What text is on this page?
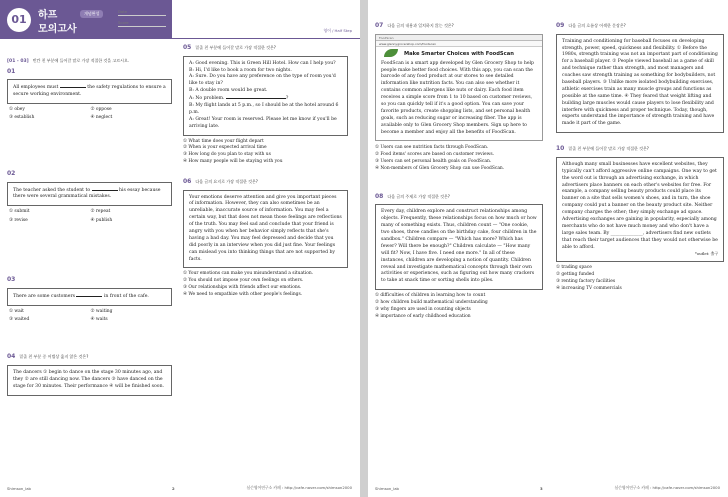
01	하프
모의고사
개념완성	Date
Score
영어 / Half Step
[01 - 03] 빈칸 친 부분에 들어갈 말로 가장 적절한 것을 고르시오.
01
All employees must	the safety regulations to ensure a secure working environment.
① obey	② oppose
③ establish	④ neglect
02
The teacher asked the student to	his essay because there were several grammatical mistakes.
① submit	② repeat
③ revise	④ publish
03
There are some customers	in front of the cafe.
① wait	② waiting
③ waited	④ waits
04 밑줄 친 부분 중 어법상 옳지 않은 것은?
The dancers ① begin to dance on the stage 30 minutes ago, and they ② are still dancing now. The dancers ③ have danced on the stage for 30 minutes. Their performance ④ will be finished soon.
05 밑줄 친 부분에 들어갈 말로 가장 적절한 것은?
A: Good evening. This is Green Hill Hotel. How can I help you?
B: Hi, I'd like to book a room for two nights.
A: Sure. Do you have any preference on the type of room you'd like to stay in?
B: A double room would be great.
A: No problem.	?
B: My flight lands at 5 p.m., so I should be at the hotel around 6 p.m.
A: Great! Your room is reserved. Please let me know if you'll be arriving late.
① What time does your flight depart
② When is your expected arrival time
③ How long do you plan to stay with us
④ How many people will be staying with you
06 다음 글의 요지로 가장 적절한 것은?
Your emotions deserve attention and give you important pieces of information. However, they can also sometimes be an unreliable, inaccurate source of information. You may feel a certain way, but that does not mean those feelings are reflections of the truth. You may feel sad and conclude that your friend is angry with you when her behavior simply reflects that she's having a bad day. You may feel depressed and decide that you did poorly in an interview when you did just fine. Your feelings can mislead you into thinking things that are not supported by facts.
① Your emotions can make you misunderstand a situation.
② You should not impose your own feelings on others.
③ Our relationships with friends affect our emotions.
④ We need to empathize with other people's feelings.
Shimson_lab	2	심슨영어연구소 카페 : http://cafe.naver.com/shimson2000
07 다음 글의 내용과 일치하지 않는 것은?
FoodScan
www.glennygrocershop.com/foodscan
Make Smarter Choices with FoodScan
FoodScan is a smart app developed by Glen Grocery Shop to help people make better food choices. With this app, you can scan the barcode of any food product at our stores to see detailed information like nutrition facts. You can also see whether it contains common allergens like nuts or dairy. Each food item receives a simple score from 1 to 10 based on customer reviews, so you can quickly tell if it's a good option. You can save your favorite products, create shopping lists, and set personal health goals, such as reducing sugar or increasing fiber. The app is available only to Glen Grocery Shop members. Sign up here to become a member and enjoy all the benefits of FoodScan.
① Users can see nutrition facts through FoodScan.
② Food items' scores are based on customer reviews.
③ Users can set personal health goals on FoodScan.
④ Non-members of Glen Grocery Shop can use FoodScan.
08 다음 글의 주제로 가장 적절한 것은?
Every day, children explore and construct relationships among objects. Frequently, these relationships focus on how much or how many of something exists. Thus, children count — "One cookie, two shoes, three candles on the birthday cake, four children in the sandbox." Children compare — "Which has more? Which has fewer? Will there be enough?" Children calculate — "How many will fit? Now, I have five. I need one more." In all of these instances, children are developing a notion of quantity. Children reveal and investigate mathematical concepts through their own activities or experiences, such as figuring out how many crackers to take at snack time or sorting shells into piles.
① difficulties of children in learning how to count
② how children build mathematical understanding
③ why fingers are used in counting objects
④ importance of early childhood education
09 다음 글의 흐름상 어색한 문장은?
Training and conditioning for baseball focuses on developing strength, power, speed, quickness and flexibility. ① Before the 1980s, strength training was not an important part of conditioning for a baseball player. ② People viewed baseball as a game of skill and technique rather than strength, and most managers and coaches saw strength training as something for bodybuilders, not baseball players. ③ Unlike more isolated bodybuilding exercises, athletic exercises train as many muscle groups and functions as possible at the same time. ④ They feared that weight lifting and building large muscles would cause players to lose flexibility and interfere with quickness and proper technique. Today, though, experts understand the importance of strength training and have made it part of the game.
10 밑줄 친 부분에 들어갈 말로 가장 적절한 것은?
Although many small businesses have excellent websites, they typically can't afford aggressive online campaigns. One way to get the word out is through an advertising exchange, in which advertisers place banners on each other's websites for free. For example, a company selling beauty products could place its banner on a site that sells women's shoes, and in turn, the shoe company could put a banner on the beauty product site. Neither company charges the other; they simply exchange ad space. Advertising exchanges are gaining in popularity, especially among merchants who do not have much money and who don't have a large sales team. By ______________, advertisers find new outlets that reach their target audiences that they would not otherwise be able to afford.
*outlet: 출구
① trading space
② getting funded
③ renting factory facilities
④ increasing TV commercials
Shimson_lab	3	심슨영어연구소 카페 : http://cafe.naver.com/shimson2000
